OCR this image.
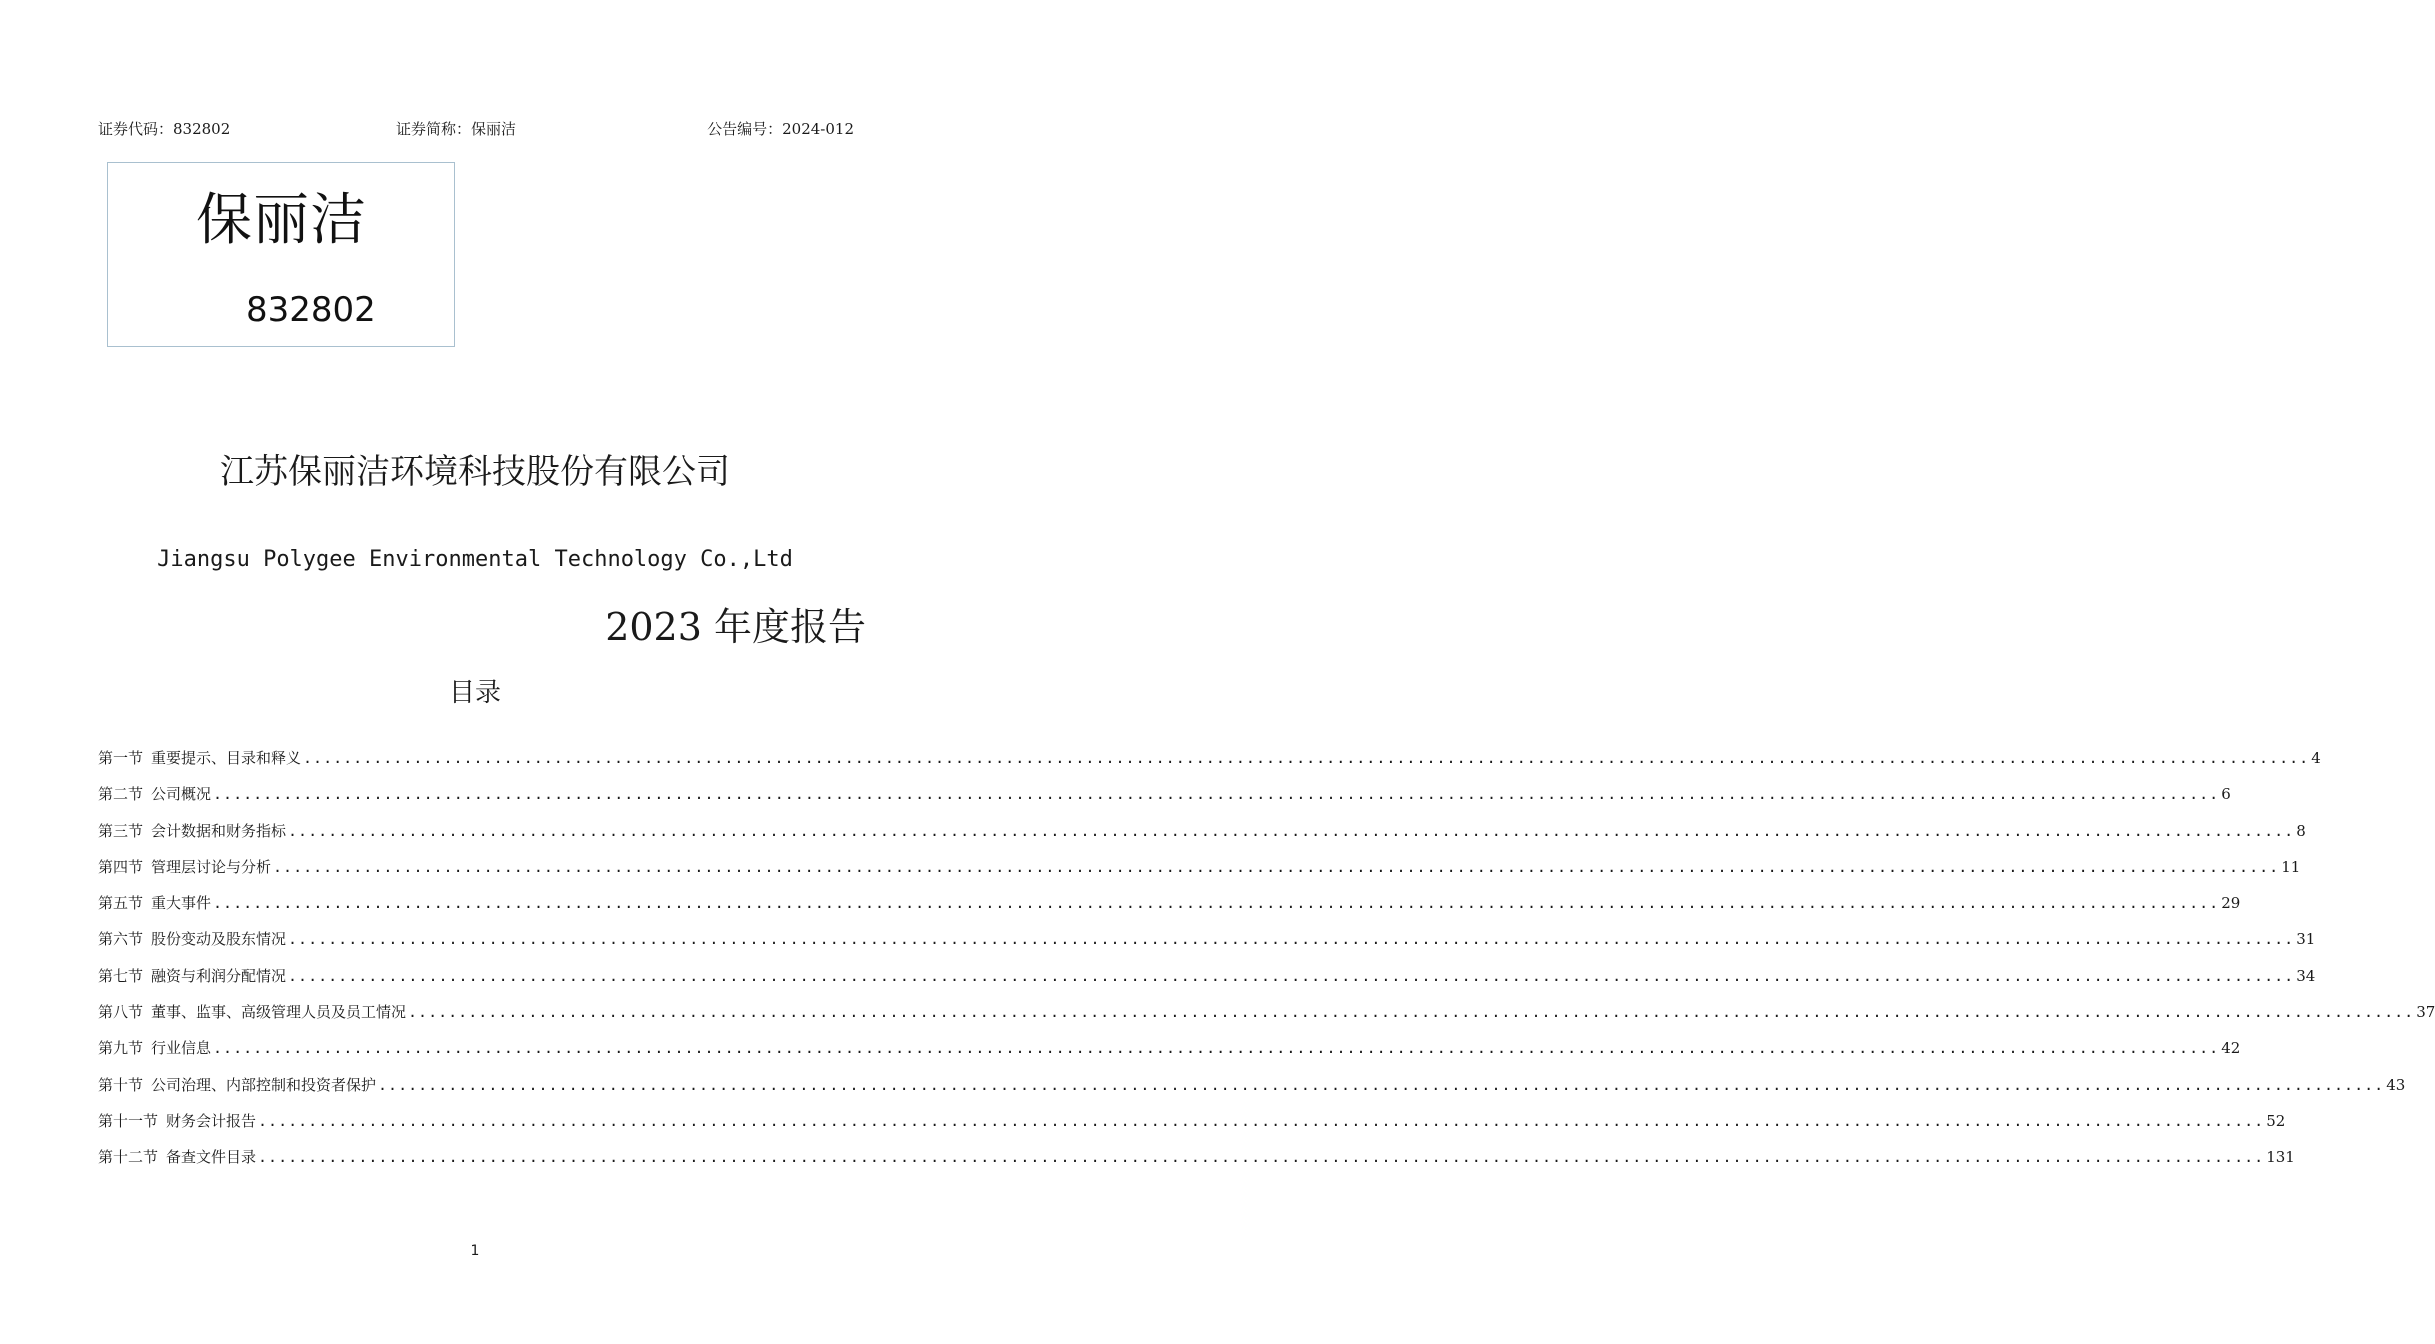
证券代码：832802	证券简称：保丽洁	公告编号：2024-012
保丽洁
832802
江苏保丽洁环境科技股份有限公司
Jiangsu Polygee Environmental Technology Co.,Ltd
2023 年度报告
目录
第一节 重要提示、目录和释义 ........................................................................................................................................................................................................ 4
第二节 公司概况 ........................................................................................................................................................................................................ 6
第三节 会计数据和财务指标 ........................................................................................................................................................................................................ 8
第四节 管理层讨论与分析 ........................................................................................................................................................................................................ 11
第五节 重大事件 ........................................................................................................................................................................................................ 29
第六节 股份变动及股东情况 ........................................................................................................................................................................................................ 31
第七节 融资与利润分配情况 ........................................................................................................................................................................................................ 34
第八节 董事、监事、高级管理人员及员工情况 ........................................................................................................................................................................................................ 37
第九节 行业信息 ........................................................................................................................................................................................................ 42
第十节 公司治理、内部控制和投资者保护 ........................................................................................................................................................................................................ 43
第十一节 财务会计报告 ........................................................................................................................................................................................................ 52
第十二节 备查文件目录 ........................................................................................................................................................................................................ 131
1
